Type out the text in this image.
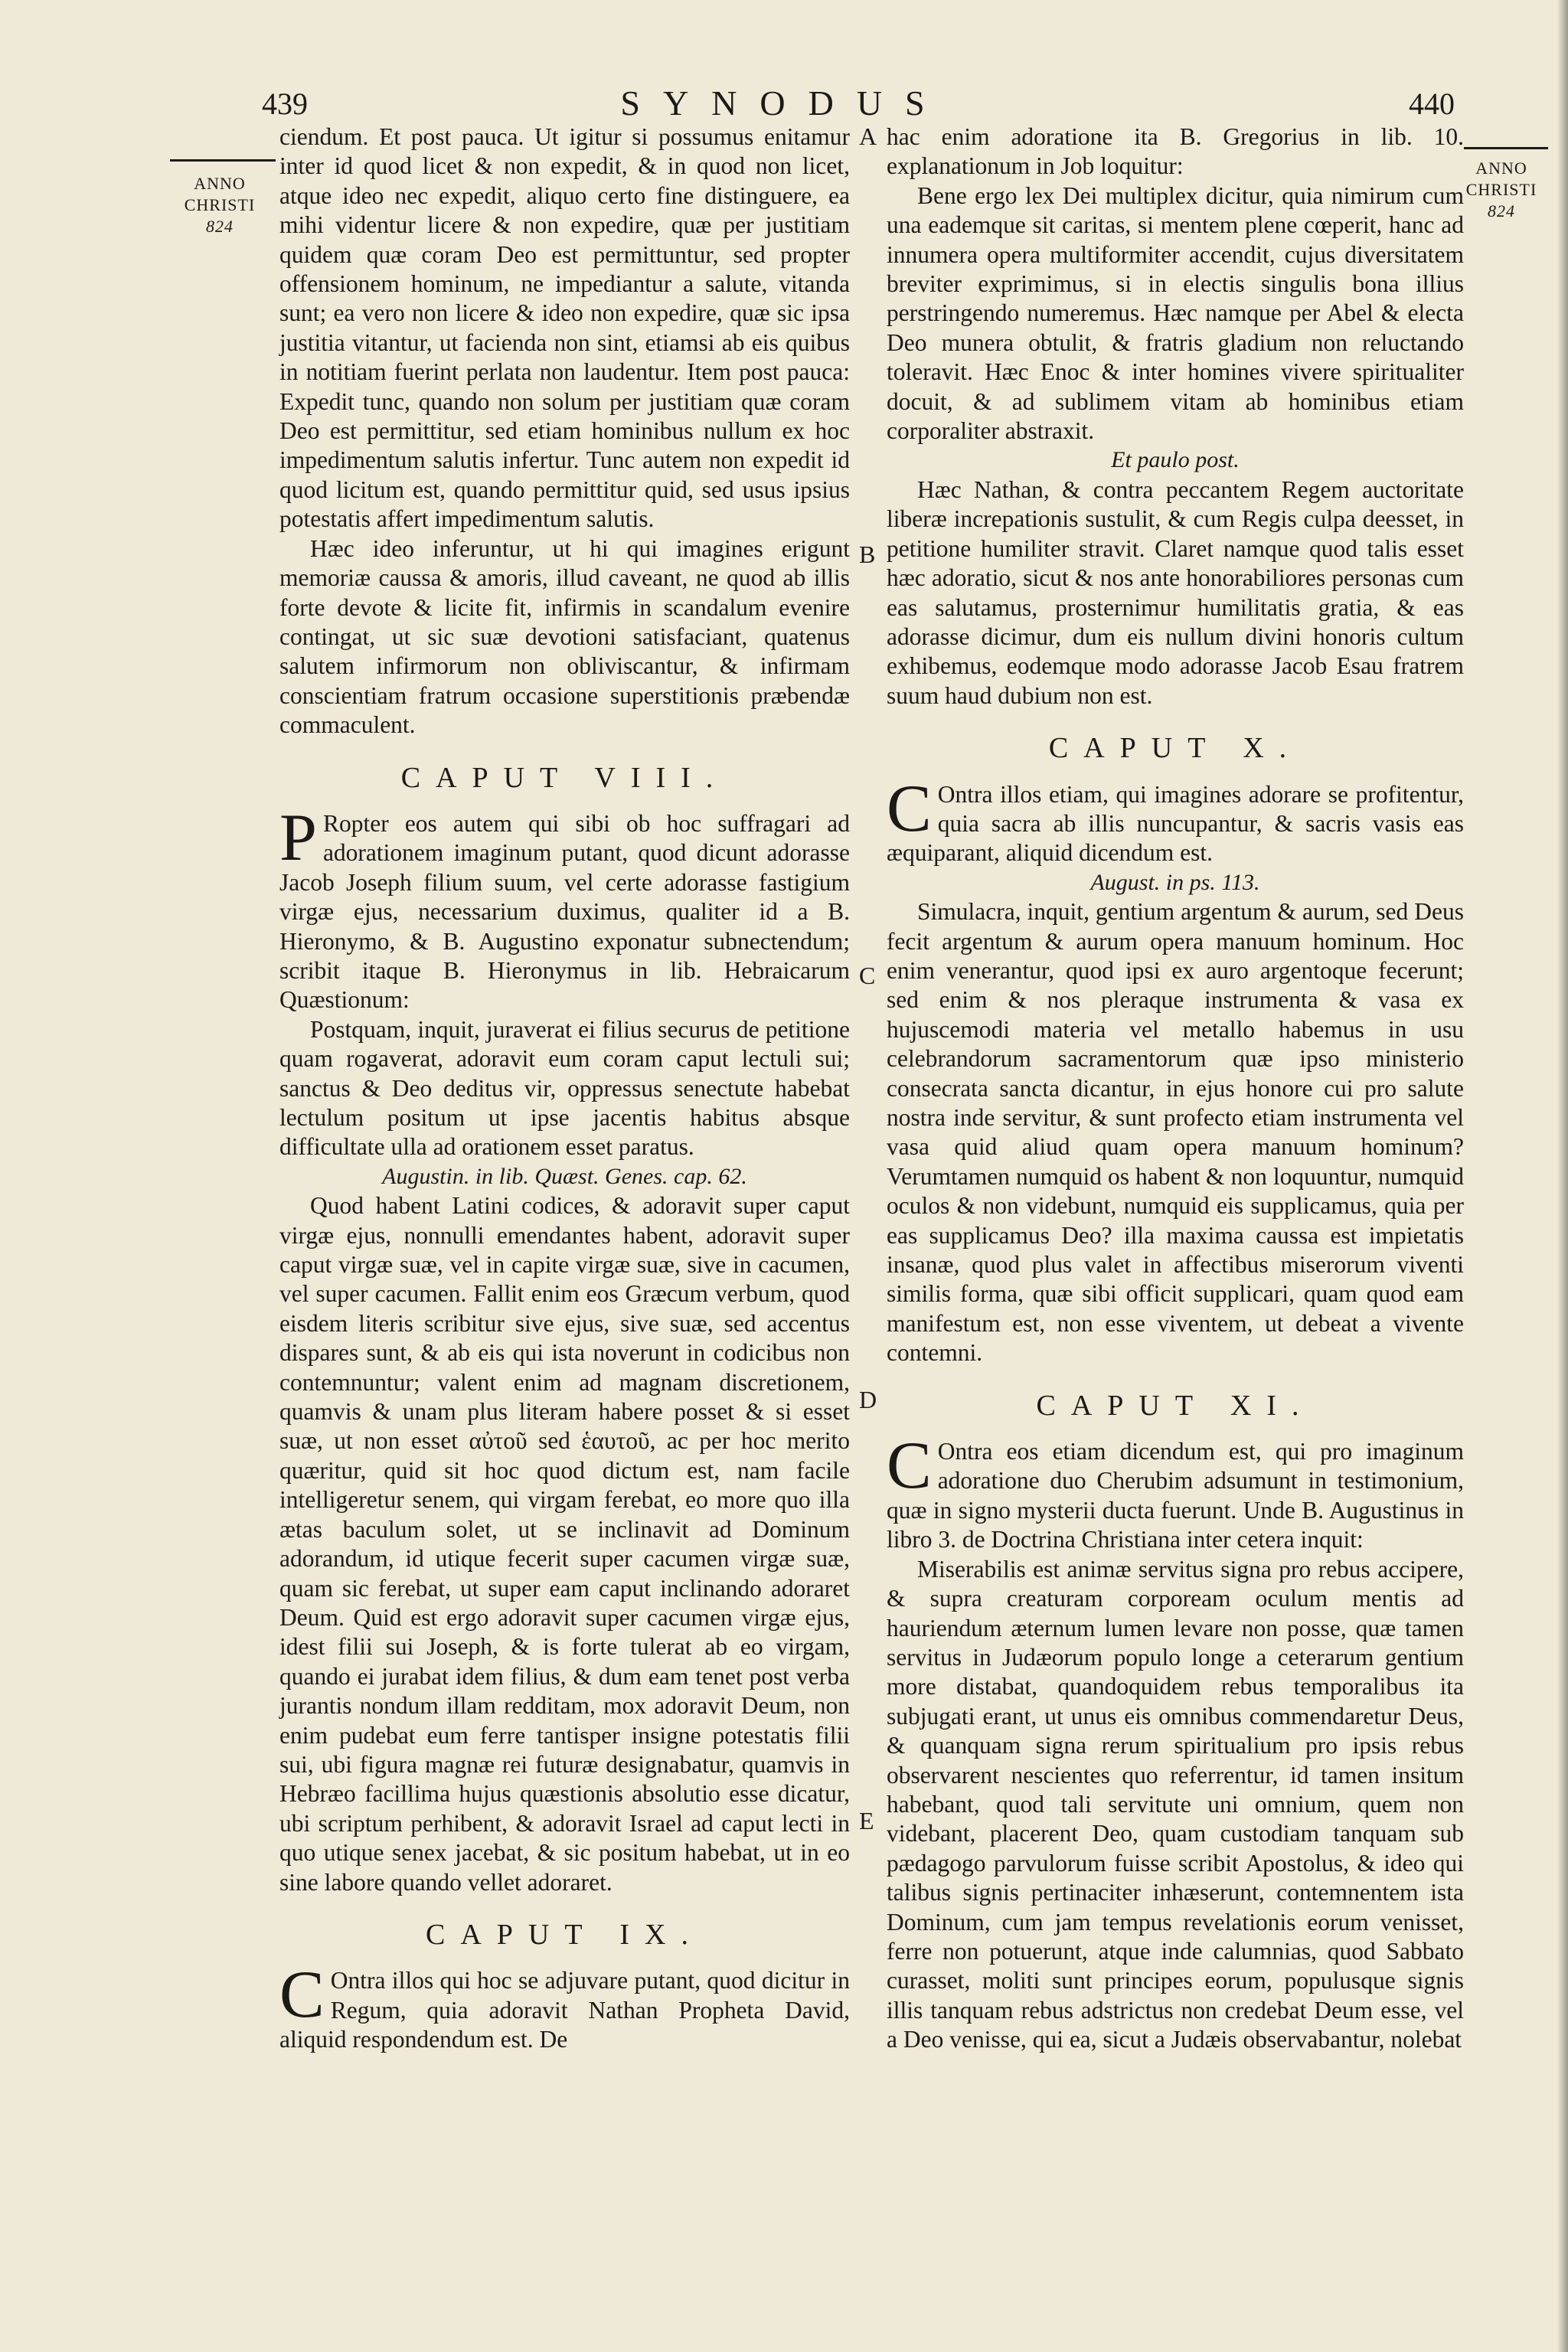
439	SYNODUS	440
ANNO
CHRISTI
824
ANNO
CHRISTI
824
A
B
C
D
E

ciendum. Et post pauca. Ut igitur si possumus enitamur inter id quod licet & non expedit, & in quod non licet, atque ideo nec expedit, aliquo certo fine distinguere, ea mihi videntur licere & non expedire, quæ per justitiam quidem quæ coram Deo est permittuntur, sed propter offensionem hominum, ne impediantur a salute, vitanda sunt; ea vero non licere & ideo non expedire, quæ sic ipsa justitia vitantur, ut facienda non sint, etiamsi ab eis quibus in notitiam fuerint perlata non laudentur. Item post pauca: Expedit tunc, quando non solum per justitiam quæ coram Deo est permittitur, sed etiam hominibus nullum ex hoc impedimentum salutis infertur. Tunc autem non expedit id quod licitum est, quando permittitur quid, sed usus ipsius potestatis affert impedimentum salutis.

Hæc ideo inferuntur, ut hi qui imagines erigunt memoriæ caussa & amoris, illud caveant, ne quod ab illis forte devote & licite fit, infirmis in scandalum evenire contingat, ut sic suæ devotioni satisfaciant, quatenus salutem infirmorum non obliviscantur, & infirmam conscientiam fratrum occasione superstitionis præbendæ commaculent.

CAPUT VIII.

P Ropter eos autem qui sibi ob hoc suffragari ad adorationem imaginum putant, quod dicunt adorasse Jacob Joseph filium suum, vel certe adorasse fastigium virgæ ejus, necessarium duximus, qualiter id a B. Hieronymo, & B. Augustino exponatur subnectendum; scribit itaque B. Hieronymus in lib. Hebraicarum Quæstionum:

Postquam, inquit, juraverat ei filius securus de petitione quam rogaverat, adoravit eum coram caput lectuli sui; sanctus & Deo deditus vir, oppressus senectute habebat lectulum positum ut ipse jacentis habitus absque difficultate ulla ad orationem esset paratus.

Augustin. in lib. Quæst. Genes. cap. 62.

Quod habent Latini codices, & adoravit super caput virgæ ejus, nonnulli emendantes habent, adoravit super caput virgæ suæ, vel in capite virgæ suæ, sive in cacumen, vel super cacumen. Fallit enim eos Græcum verbum, quod eisdem literis scribitur sive ejus, sive suæ, sed accentus dispares sunt, & ab eis qui ista noverunt in codicibus non contemnuntur; valent enim ad magnam discretionem, quamvis & unam plus literam habere posset & si esset suæ, ut non esset αὐτοῦ sed ἑαυτοῦ, ac per hoc merito quæritur, quid sit hoc quod dictum est, nam facile intelligeretur senem, qui virgam ferebat, eo more quo illa ætas baculum solet, ut se inclinavit ad Dominum adorandum, id utique fecerit super cacumen virgæ suæ, quam sic ferebat, ut super eam caput inclinando adoraret Deum. Quid est ergo adoravit super cacumen virgæ ejus, idest filii sui Joseph, & is forte tulerat ab eo virgam, quando ei jurabat idem filius, & dum eam tenet post verba jurantis nondum illam redditam, mox adoravit Deum, non enim pudebat eum ferre tantisper insigne potestatis filii sui, ubi figura magnæ rei futuræ designabatur, quamvis in Hebræo facillima hujus quæstionis absolutio esse dicatur, ubi scriptum perhibent, & adoravit Israel ad caput lecti in quo utique senex jacebat, & sic positum habebat, ut in eo sine labore quando vellet adoraret.

CAPUT IX.

C Ontra illos qui hoc se adjuvare putant, quod dicitur in Regum, quia adoravit Nathan Propheta David, aliquid respondendum est. De

hac enim adoratione ita B. Gregorius in lib. 10. explanationum in Job loquitur:

Bene ergo lex Dei multiplex dicitur, quia nimirum cum una eademque sit caritas, si mentem plene cœperit, hanc ad innumera opera multiformiter accendit, cujus diversitatem breviter exprimimus, si in electis singulis bona illius perstringendo numeremus. Hæc namque per Abel & electa Deo munera obtulit, & fratris gladium non reluctando toleravit. Hæc Enoc & inter homines vivere spiritualiter docuit, & ad sublimem vitam ab hominibus etiam corporaliter abstraxit.

Et paulo post.

Hæc Nathan, & contra peccantem Regem auctoritate liberæ increpationis sustulit, & cum Regis culpa deesset, in petitione humiliter stravit. Claret namque quod talis esset hæc adoratio, sicut & nos ante honorabiliores personas cum eas salutamus, prosternimur humilitatis gratia, & eas adorasse dicimur, dum eis nullum divini honoris cultum exhibemus, eodemque modo adorasse Jacob Esau fratrem suum haud dubium non est.

CAPUT X.

C Ontra illos etiam, qui imagines adorare se profitentur, quia sacra ab illis nuncupantur, & sacris vasis eas æquiparant, aliquid dicendum est.

August. in ps. 113.

Simulacra, inquit, gentium argentum & aurum, sed Deus fecit argentum & aurum opera manuum hominum. Hoc enim venerantur, quod ipsi ex auro argentoque fecerunt; sed enim & nos pleraque instrumenta & vasa ex hujuscemodi materia vel metallo habemus in usu celebrandorum sacramentorum quæ ipso ministerio consecrata sancta dicantur, in ejus honore cui pro salute nostra inde servitur, & sunt profecto etiam instrumenta vel vasa quid aliud quam opera manuum hominum? Verumtamen numquid os habent & non loquuntur, numquid oculos & non videbunt, numquid eis supplicamus, quia per eas supplicamus Deo? illa maxima caussa est impietatis insanæ, quod plus valet in affectibus miserorum viventi similis forma, quæ sibi officit supplicari, quam quod eam manifestum est, non esse viventem, ut debeat a vivente contemni.

CAPUT XI.

C Ontra eos etiam dicendum est, qui pro imaginum adoratione duo Cherubim adsumunt in testimonium, quæ in signo mysterii ducta fuerunt. Unde B. Augustinus in libro 3. de Doctrina Christiana inter cetera inquit:

Miserabilis est animæ servitus signa pro rebus accipere, & supra creaturam corpoream oculum mentis ad hauriendum æternum lumen levare non posse, quæ tamen servitus in Judæorum populo longe a ceterarum gentium more distabat, quandoquidem rebus temporalibus ita subjugati erant, ut unus eis omnibus commendaretur Deus, & quanquam signa rerum spiritualium pro ipsis rebus observarent nescientes quo referrentur, id tamen insitum habebant, quod tali servitute uni omnium, quem non videbant, placerent Deo, quam custodiam tanquam sub pædagogo parvulorum fuisse scribit Apostolus, & ideo qui talibus signis pertinaciter inhæserunt, contemnentem ista Dominum, cum jam tempus revelationis eorum venisset, ferre non potuerunt, atque inde calumnias, quod Sabbato curasset, moliti sunt principes eorum, populusque signis illis tanquam rebus adstrictus non credebat Deum esse, vel a Deo venisse, qui ea, sicut a Judæis observabantur, nolebat
